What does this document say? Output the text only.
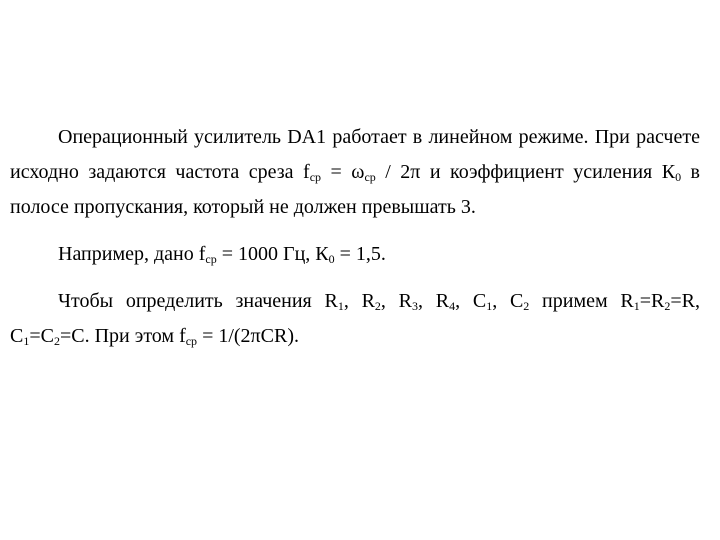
Операционный усилитель DA1 работает в линейном режиме. При расчете исходно задаются частота среза $f_{ср} = \omega_{ср} / 2\pi$ и коэффициент усиления $К_0$ в полосе пропускания, который не должен превышать 3.

Например, дано $f_{ср} = 1000$ Гц, $К_0 = 1,5$.

Чтобы определить значения $R_1$, $R_2$, $R_3$, $R_4$, $C_1$, $C_2$ примем $R_1=R_2=R$, $C_1=C_2=C$. При этом $f_{ср} = 1/(2\pi CR)$.
